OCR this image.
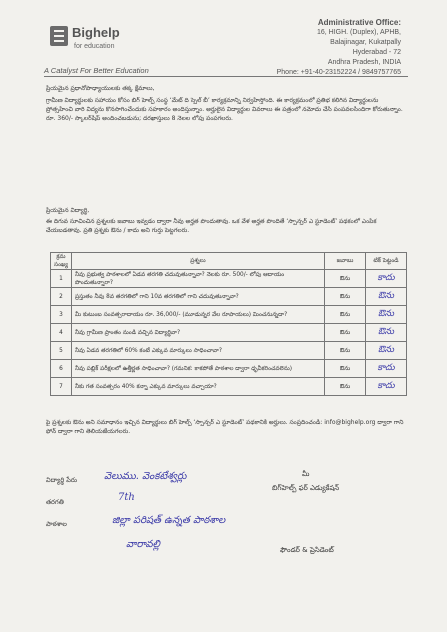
Bighelp
for education
A Catalyst For Better Education
Administrative Office:
16, HIGH. (Duplex), APHB,
Balajinagar, Kukatpally
Hyderabad - 72
Andhra Pradesh, INDIA
Phone: +91-40-23152224 / 9849757765
ప్రియమైన ప్రధానోపాధ్యాయులకు తక్క క్షేమాలు,
గ్రామీణ విద్యార్థులకు సహాయం కోసం బిగ్ హెల్ప్ సంస్థ ‘మేట్ ది స్పెల్ బీ’ కార్యక్రమాన్ని నిర్వహిస్తోంది. ఈ కార్యక్రమంలో ప్రతిభ కలిగిన విద్యార్థులను ప్రోత్సహించి వారి విద్యను కొనసాగించేందుకు సహకారం అందిస్తున్నాం. అర్హులైన విద్యార్థుల వివరాలు ఈ పత్రంలో నమోదు చేసి పంపవలసిందిగా కోరుతున్నాం. రూ. 360/- స్కాలర్‌షిప్ అందించబడును; దరఖాస్తులు 8 నెలల లోపు పంపగలరు.
ప్రియమైన విద్యార్థి,
ఈ దిగువ సూచించిన ప్రశ్నలకు జవాబు ఇవ్వడం ద్వారా నీవు అర్హత పొందుతావు. ఒక వేళ అర్హత పొందితే ‘స్పాన్సర్ ఎ స్టూడెంట్’ పథకంలో ఎంపిక చేయబడతావు. ప్రతి ప్రశ్నకు ఔను / కాదు అని గుర్తు పెట్టగలరు.
క్రమ సంఖ్య	ప్రశ్నలు	జవాబు	టిక్ పెట్టండి
1	నీవు ప్రభుత్వ పాఠశాలలో ఏడవ తరగతి చదువుతున్నావా? నెలకు రూ. 500/- లోపు ఆదాయం పొందుతున్నారా?	ఔను	కాదు
2	ప్రస్తుతం నీవు 8వ తరగతిలో గాని 10వ తరగతిలో గాని చదువుతున్నావా?	ఔను	ఔను
3	మీ కుటుంబ సంవత్సరాదాయం రూ. 36,000/- (మూడున్నర వేల రూపాయలు) మించనున్నదా?	ఔను	ఔను
4	నీవు గ్రామీణ ప్రాంతం నుండి వచ్చిన విద్యార్థివా?	ఔను	ఔను
5	నీవు ఏడవ తరగతిలో 60% కంటే ఎక్కువ మార్కులు సాధించావా?	ఔను	ఔను
6	నీవు పబ్లిక్ పరీక్షలలో ఉత్తీర్ణత సాధించావా? (గమనిక: కాకపోతే పాఠశాల ద్వారా ధృవీకరించవలెను)	ఔను	కాదు
7	నీకు గత సంవత్సరం 40% కన్నా ఎక్కువ మార్కులు వచ్చాయా?	ఔను	కాదు
పై ప్రశ్నలకు ఔను అని సమాధానం ఇచ్చిన విద్యార్థులు బిగ్ హెల్ప్ ‘స్పాన్సర్ ఎ స్టూడెంట్’ పథకానికి అర్హులు. సంప్రదించండి: info@bighelp.org ద్వారా గాని ఫోన్ ద్వారా గాని తెలియజేయగలరు.
విద్యార్థి పేరు	వెలుము. వెంకటేశ్వర్లు
తరగతి	7th
పాఠశాల	జిల్లా పరిషత్ ఉన్నత పాఠశాల
వారావల్లి
మీ
బిగ్‌హెల్ప్ ఫర్ ఎడ్యుకేషన్
ఫౌండర్ & ప్రెసిడెంట్
